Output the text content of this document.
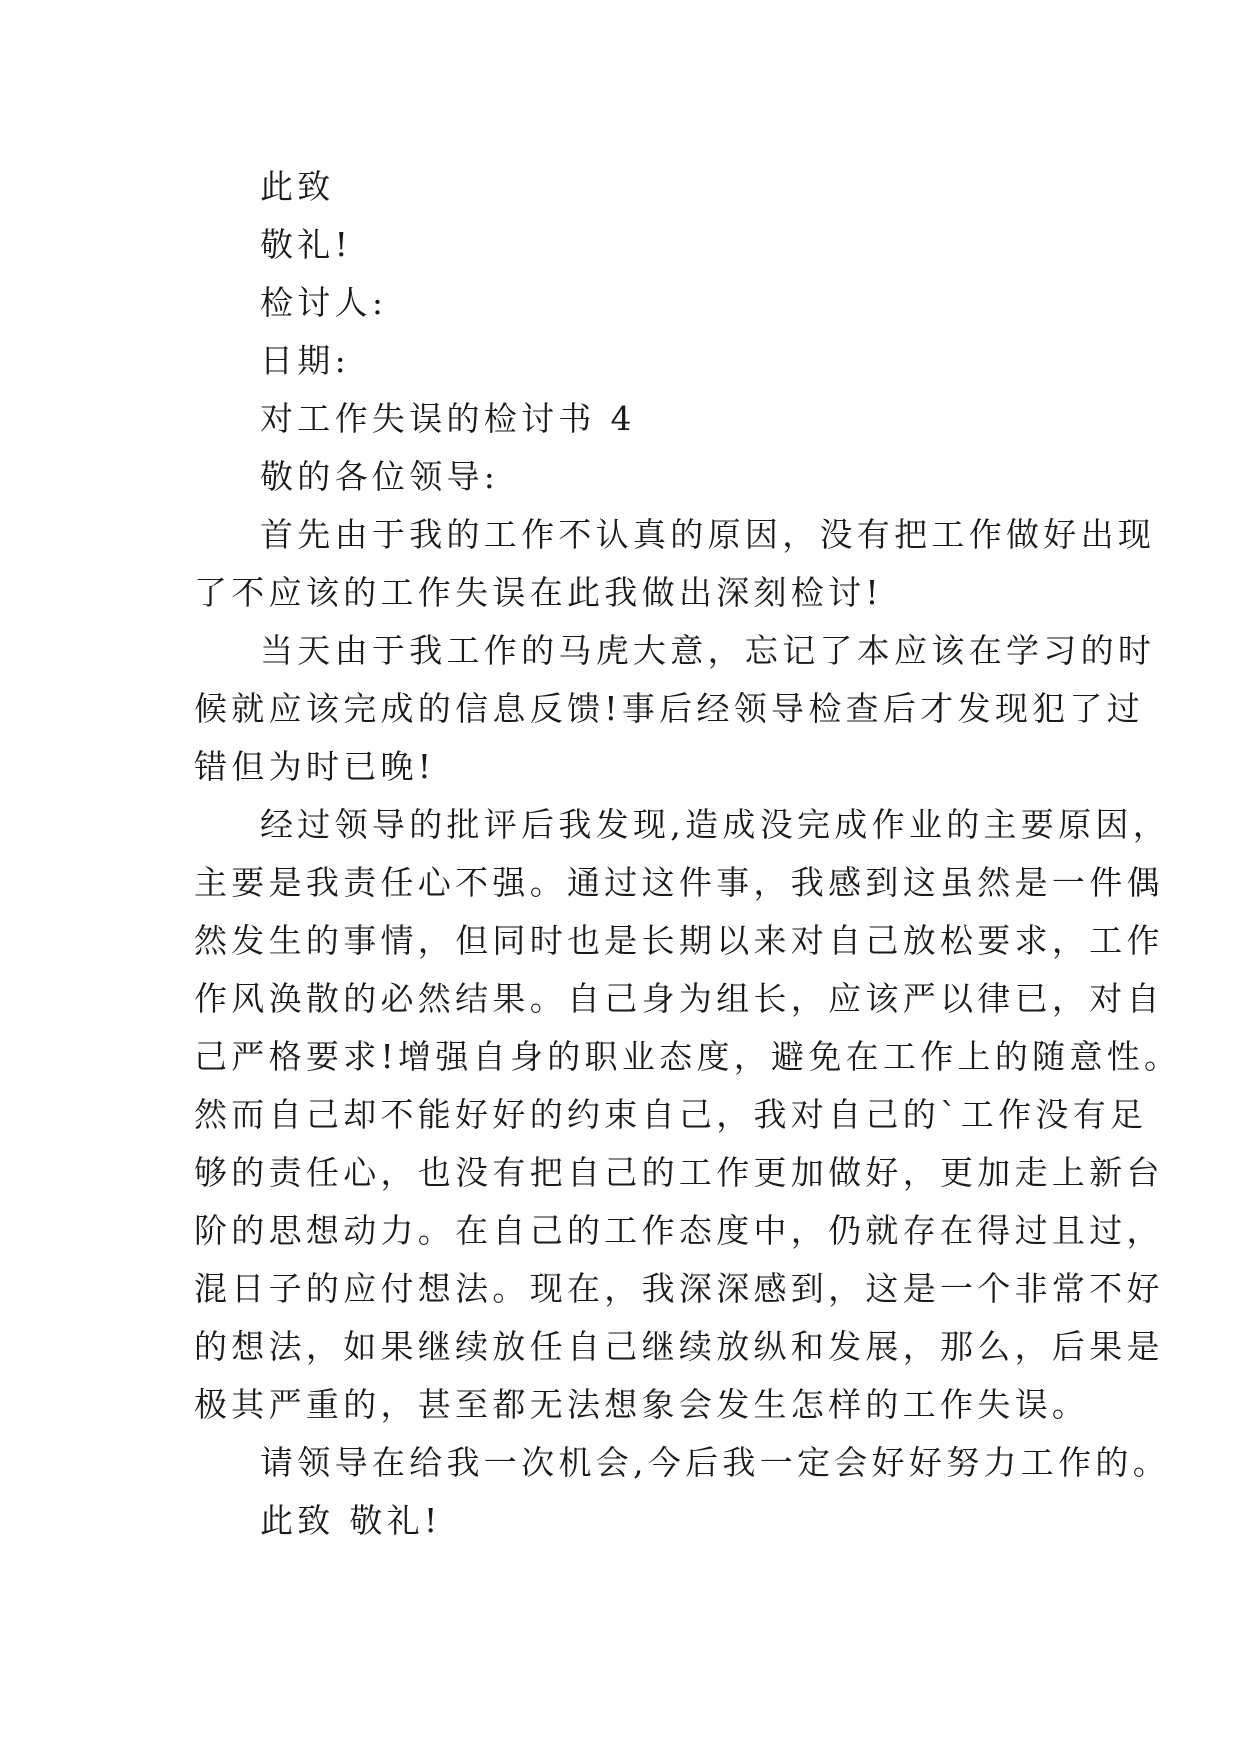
此致

敬礼!

检讨人:

日期:

对工作失误的检讨书 4

敬的各位领导:

首先由于我的工作不认真的原因，没有把工作做好出现

了不应该的工作失误在此我做出深刻检讨!

当天由于我工作的马虎大意，忘记了本应该在学习的时

候就应该完成的信息反馈!事后经领导检查后才发现犯了过

错但为时已晚!

经过领导的批评后我发现,造成没完成作业的主要原因，

主要是我责任心不强。通过这件事，我感到这虽然是一件偶

然发生的事情，但同时也是长期以来对自己放松要求，工作

作风涣散的必然结果。自己身为组长，应该严以律已，对自

己严格要求!增强自身的职业态度，避免在工作上的随意性。

然而自己却不能好好的约束自己，我对自己的`工作没有足

够的责任心，也没有把自己的工作更加做好，更加走上新台

阶的思想动力。在自己的工作态度中，仍就存在得过且过，

混日子的应付想法。现在，我深深感到，这是一个非常不好

的想法，如果继续放任自己继续放纵和发展，那么，后果是

极其严重的，甚至都无法想象会发生怎样的工作失误。

请领导在给我一次机会,今后我一定会好好努力工作的。

此致 敬礼!
